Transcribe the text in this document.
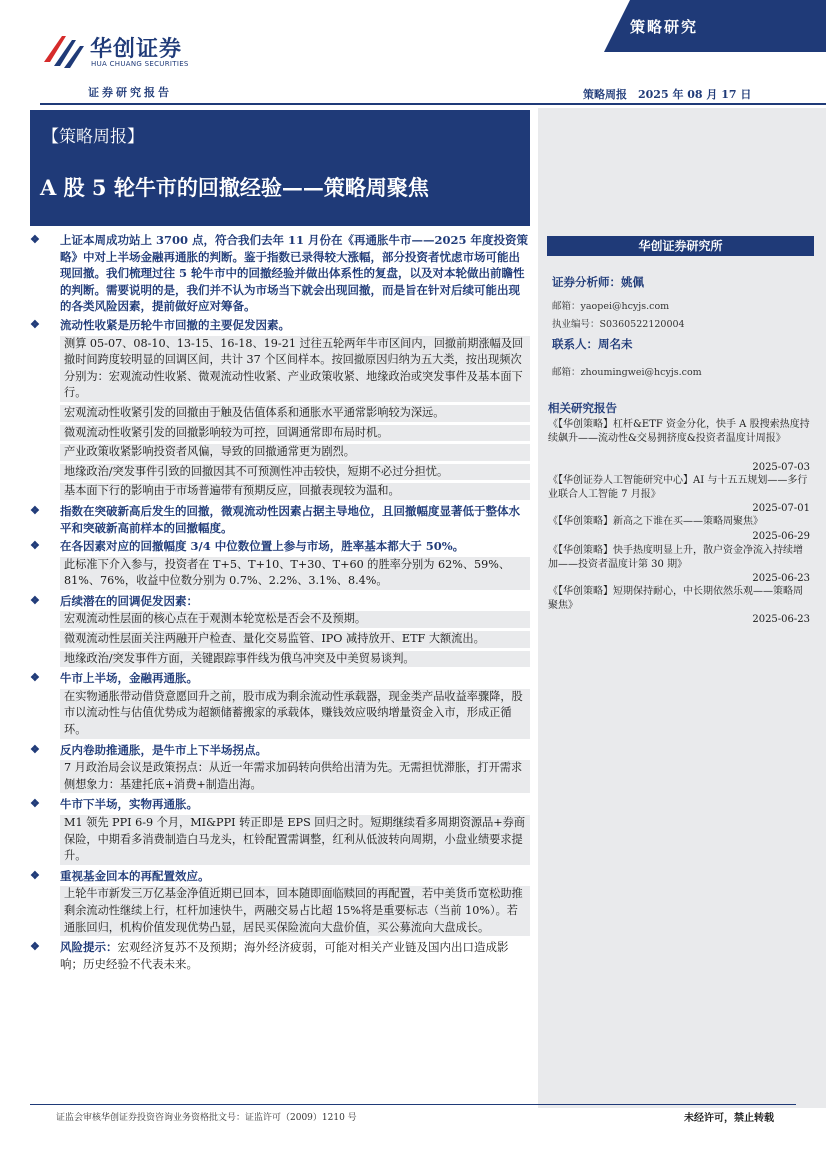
华创证券
HUA CHUANG SECURITIES
证券研究报告
策略研究
策略周报　2025 年 08 月 17 日
【策略周报】
A 股 5 轮牛市的回撤经验——策略周聚焦
华创证券研究所
证券分析师：姚佩
邮箱：yaopei@hcyjs.com
执业编号：S0360522120004
联系人：周名未
邮箱：zhoumingwei@hcyjs.com
相关研究报告
《【华创策略】杠杆&ETF 资金分化，快手 A 股搜索热度持续飙升——流动性&交易拥挤度&投资者温度计周报》
2025-07-03
《【华创证券人工智能研究中心】AI 与十五五规划——多行业联合人工智能 7 月报》
2025-07-01
《【华创策略】新高之下谁在买——策略周聚焦》
2025-06-29
《【华创策略】快手热度明显上升，散户资金净流入持续增加——投资者温度计第 30 期》
2025-06-23
《【华创策略】短期保持耐心，中长期依然乐观——策略周聚焦》
2025-06-23
❖ 上证本周成功站上 3700 点，符合我们去年 11 月份在《再通胀牛市——2025 年度投资策略》中对上半场金融再通胀的判断。鉴于指数已录得较大涨幅，部分投资者忧虑市场可能出现回撤。我们梳理过往 5 轮牛市中的回撤经验并做出体系性的复盘，以及对本轮做出前瞻性的判断。需要说明的是，我们并不认为市场当下就会出现回撤，而是旨在针对后续可能出现的各类风险因素，提前做好应对筹备。
❖ 流动性收紧是历轮牛市回撤的主要促发因素。
测算 05-07、08-10、13-15、16-18、19-21 过往五轮两年牛市区间内，回撤前期涨幅及回撤时间跨度较明显的回调区间，共计 37 个区间样本。按回撤原因归纳为五大类，按出现频次分别为：宏观流动性收紧、微观流动性收紧、产业政策收紧、地缘政治或突发事件及基本面下行。
宏观流动性收紧引发的回撤由于触及估值体系和通胀水平通常影响较为深远。
微观流动性收紧引发的回撤影响较为可控，回调通常即布局时机。
产业政策收紧影响投资者风偏，导致的回撤通常更为剧烈。
地缘政治/突发事件引致的回撤因其不可预测性冲击较快，短期不必过分担忧。
基本面下行的影响由于市场普遍带有预期反应，回撤表现较为温和。
❖ 指数在突破新高后发生的回撤，微观流动性因素占据主导地位，且回撤幅度显著低于整体水平和突破新高前样本的回撤幅度。
❖ 在各因素对应的回撤幅度 3/4 中位数位置上参与市场，胜率基本都大于 50%。
此标准下介入参与，投资者在 T+5、T+10、T+30、T+60 的胜率分别为 62%、59%、81%、76%，收益中位数分别为 0.7%、2.2%、3.1%、8.4%。
❖ 后续潜在的回调促发因素：
宏观流动性层面的核心点在于观测本轮宽松是否会不及预期。
微观流动性层面关注两融开户检查、量化交易监管、IPO 减持放开、ETF 大额流出。
地缘政治/突发事件方面，关键跟踪事件线为俄乌冲突及中美贸易谈判。
❖ 牛市上半场，金融再通胀。
在实物通胀带动借贷意愿回升之前，股市成为剩余流动性承载器，现金类产品收益率骤降，股市以流动性与估值优势成为超额储蓄搬家的承载体，赚钱效应吸纳增量资金入市，形成正循环。
❖ 反内卷助推通胀，是牛市上下半场拐点。
7 月政治局会议是政策拐点：从近一年需求加码转向供给出清为先。无需担忧滞胀，打开需求侧想象力：基建托底+消费+制造出海。
❖ 牛市下半场，实物再通胀。
M1 领先 PPI 6-9 个月，MI&PPI 转正即是 EPS 回归之时。短期继续看多周期资源品+券商保险，中期看多消费制造白马龙头，杠铃配置需调整，红利从低波转向周期，小盘业绩要求提升。
❖ 重视基金回本的再配置效应。
上轮牛市新发三万亿基金净值近期已回本，回本随即面临赎回的再配置，若中美货币宽松助推剩余流动性继续上行，杠杆加速快牛，两融交易占比超 15%将是重要标志（当前 10%）。若通胀回归，机构价值发现优势凸显，居民买保险流向大盘价值，买公募流向大盘成长。
❖ 风险提示：宏观经济复苏不及预期；海外经济疲弱，可能对相关产业链及国内出口造成影响；历史经验不代表未来。
证监会审核华创证券投资咨询业务资格批文号：证监许可（2009）1210 号	未经许可，禁止转载
